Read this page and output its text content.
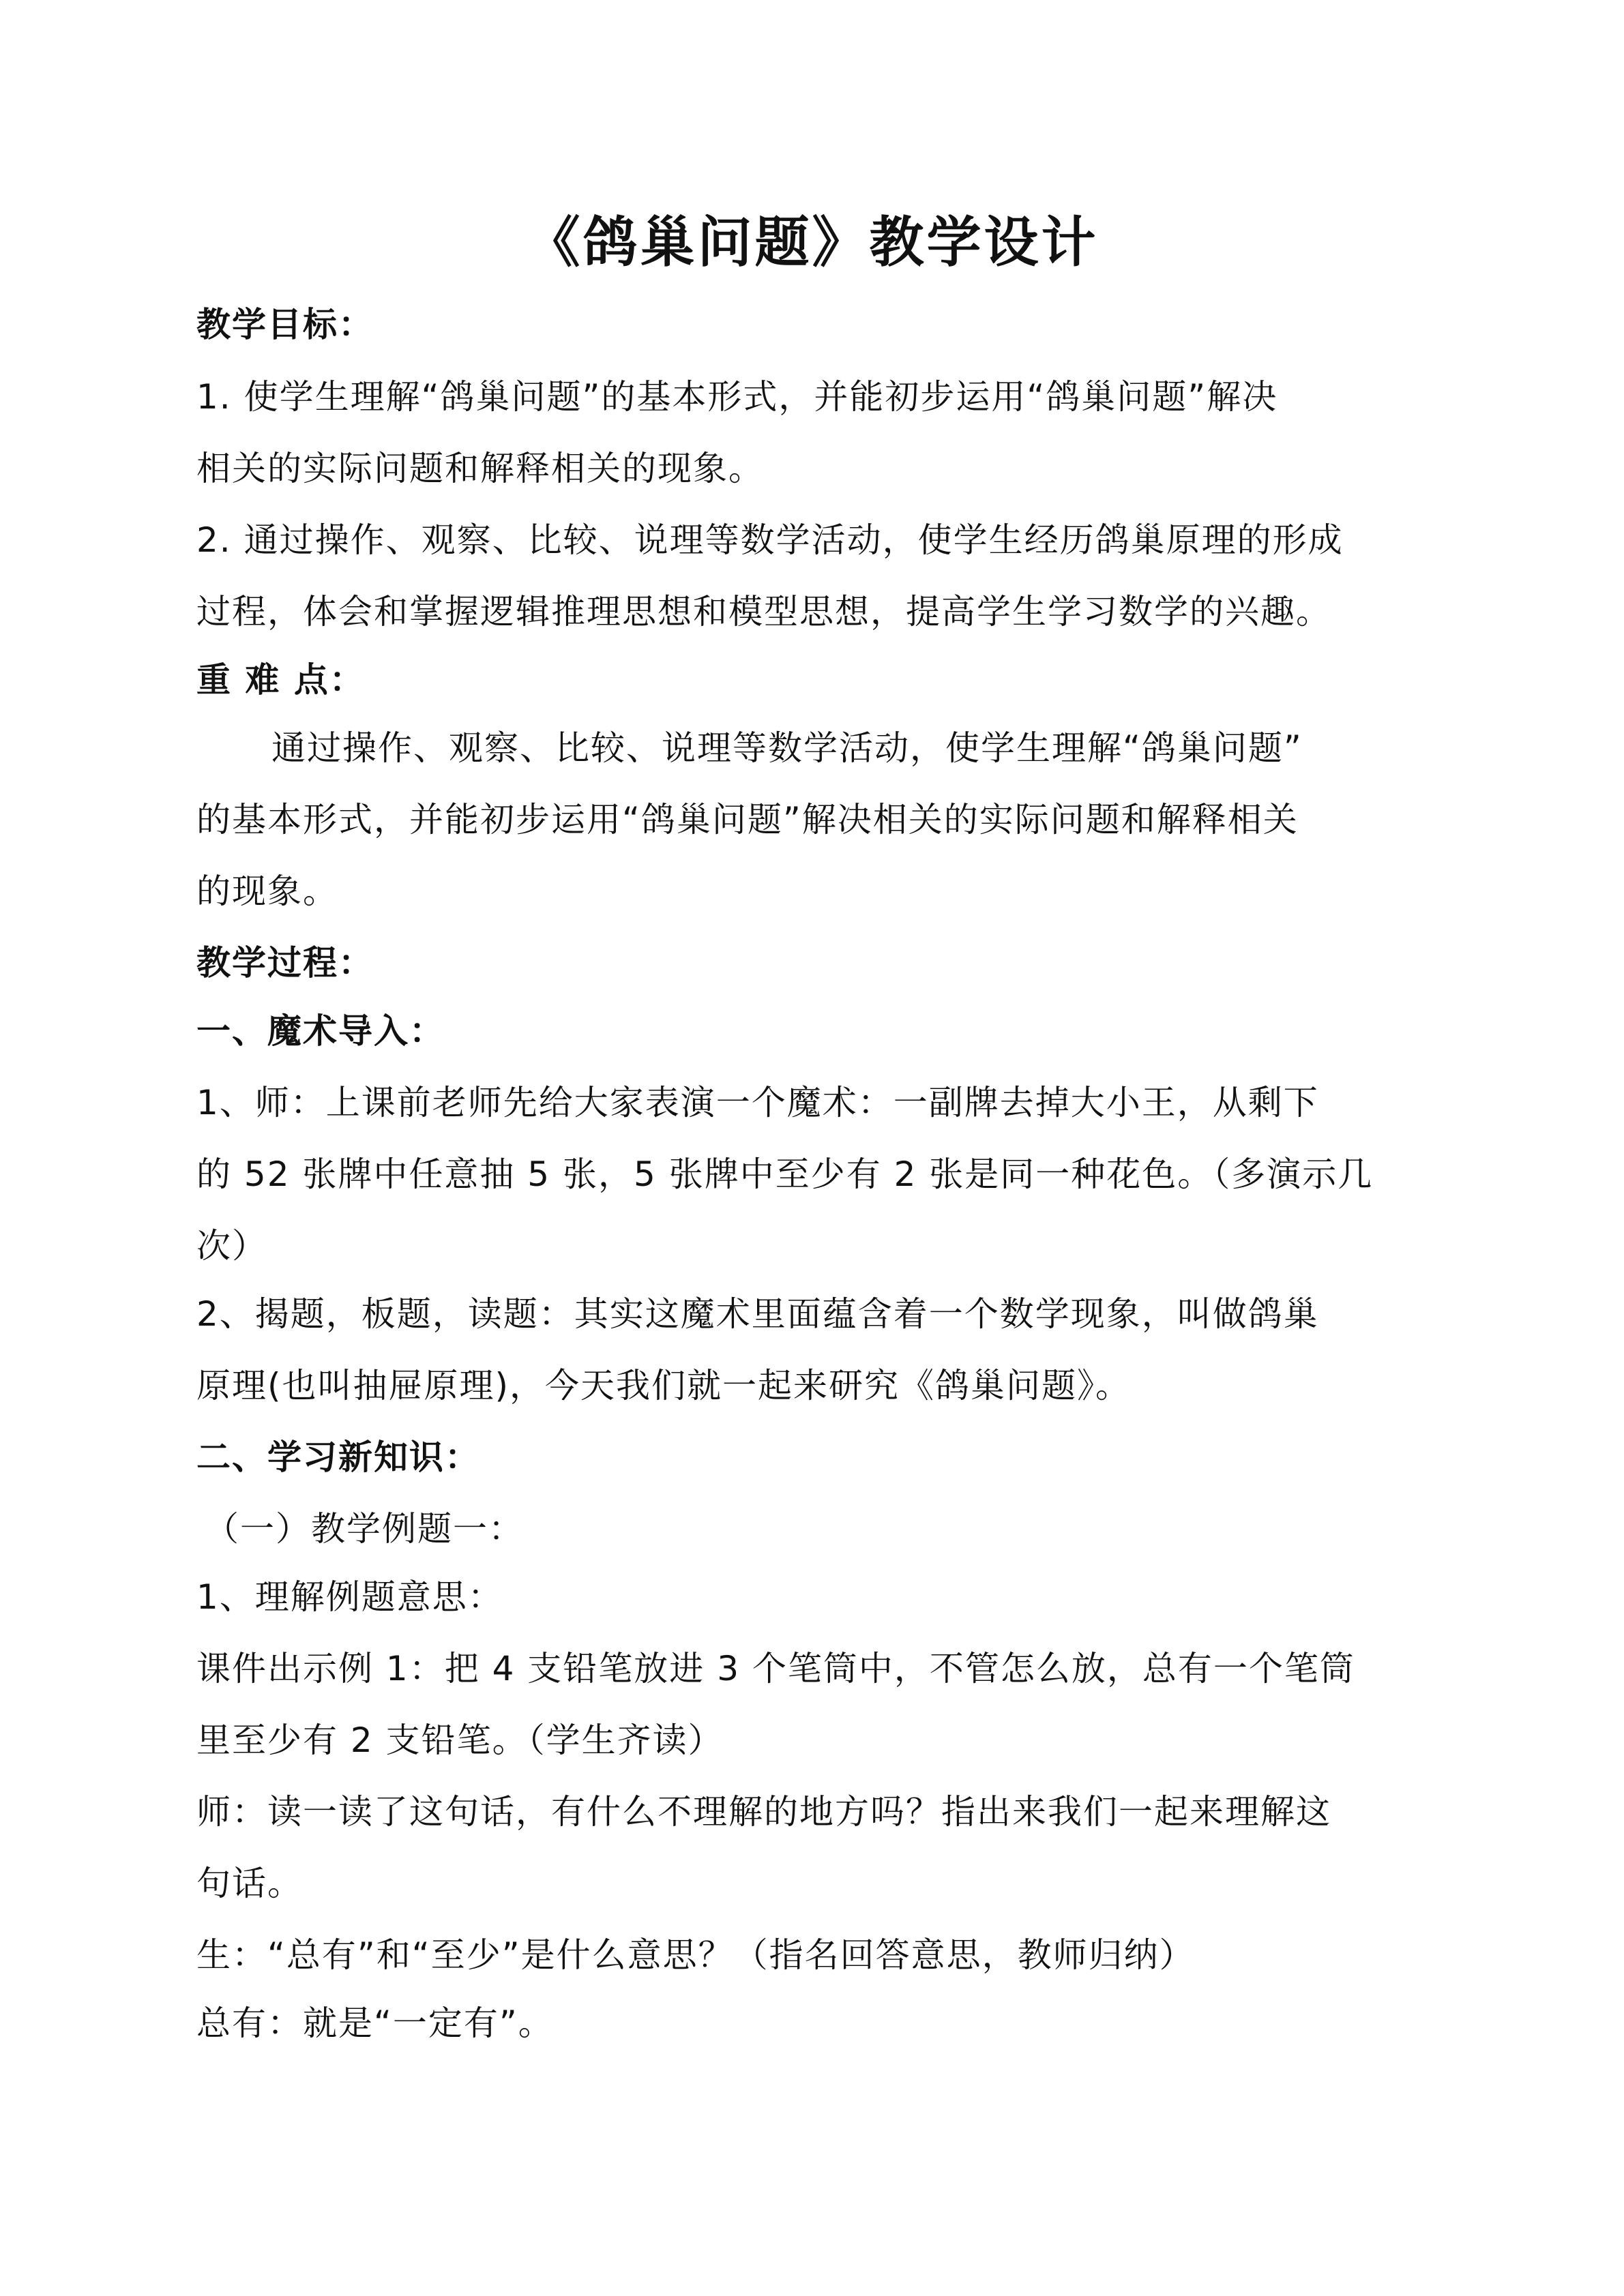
《鸽巢问题》教学设计
教学目标：
1. 使学生理解“鸽巢问题”的基本形式，并能初步运用“鸽巢问题”解决
相关的实际问题和解释相关的现象。
2. 通过操作、观察、比较、说理等数学活动，使学生经历鸽巢原理的形成
过程，体会和掌握逻辑推理思想和模型思想，提高学生学习数学的兴趣。
重 难 点：
通过操作、观察、比较、说理等数学活动，使学生理解“鸽巢问题”
的基本形式，并能初步运用“鸽巢问题”解决相关的实际问题和解释相关
的现象。
教学过程：
一、魔术导入：
1、师：上课前老师先给大家表演一个魔术：一副牌去掉大小王，从剩下
的 52 张牌中任意抽 5 张，5 张牌中至少有 2 张是同一种花色。（多演示几
次）
2、揭题，板题，读题：其实这魔术里面蕴含着一个数学现象，叫做鸽巢
原理(也叫抽屉原理)，今天我们就一起来研究《鸽巢问题》。
二、学习新知识：
（一）教学例题一：
1、理解例题意思：
课件出示例 1：把 4 支铅笔放进 3 个笔筒中，不管怎么放，总有一个笔筒
里至少有 2 支铅笔。（学生齐读）
师：读一读了这句话，有什么不理解的地方吗？指出来我们一起来理解这
句话。
生：“总有”和“至少”是什么意思？（指名回答意思，教师归纳）
总有：就是“一定有”。
